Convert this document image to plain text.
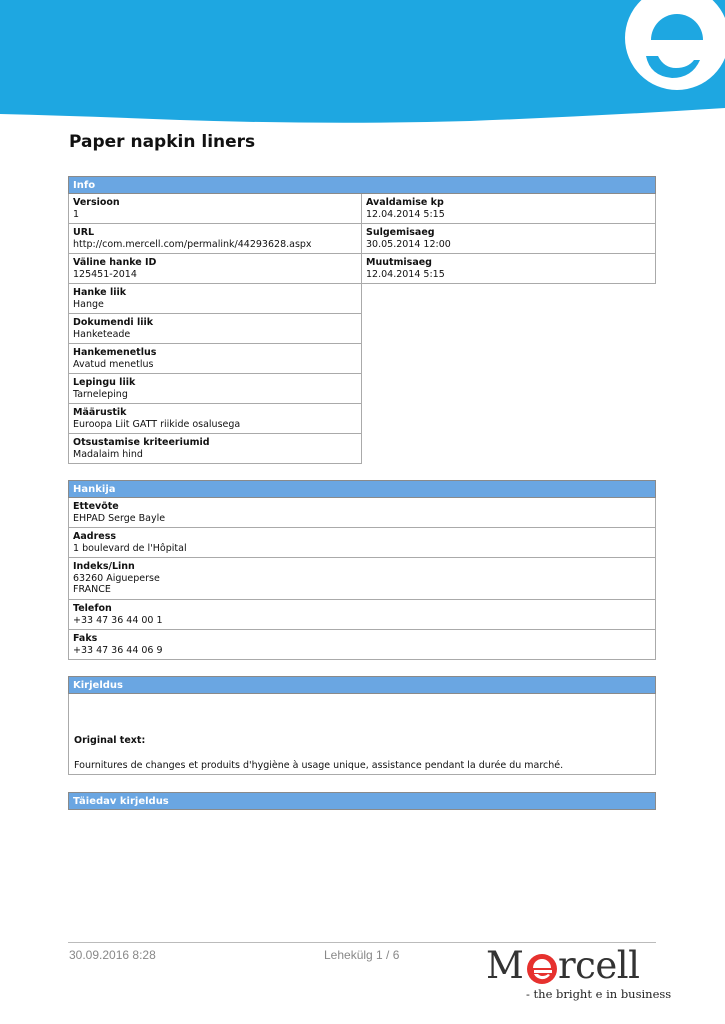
Paper napkin liners
Info
Versioon
1
URL
http://com.mercell.com/permalink/44293628.aspx
Väline hanke ID
125451-2014
Hanke liik
Hange
Dokumendi liik
Hanketeade
Hankemenetlus
Avatud menetlus
Lepingu liik
Tarneleping
Määrustik
Euroopa Liit GATT riikide osalusega
Otsustamise kriteeriumid
Madalaim hind
Avaldamise kp
12.04.2014 5:15
Sulgemisaeg
30.05.2014 12:00
Muutmisaeg
12.04.2014 5:15
Hankija
Ettevõte
EHPAD Serge Bayle
Aadress
1 boulevard de l'Hôpital
Indeks/Linn
63260 Aigueperse
FRANCE
Telefon
+33 47 36 44 00 1
Faks
+33 47 36 44 06 9
Kirjeldus
Original text:
Fournitures de changes et produits d'hygiène à usage unique, assistance pendant la durée du marché.
Täiedav kirjeldus
30.09.2016 8:28	Lehekülg 1 / 6 M rcell
- the bright e in business
